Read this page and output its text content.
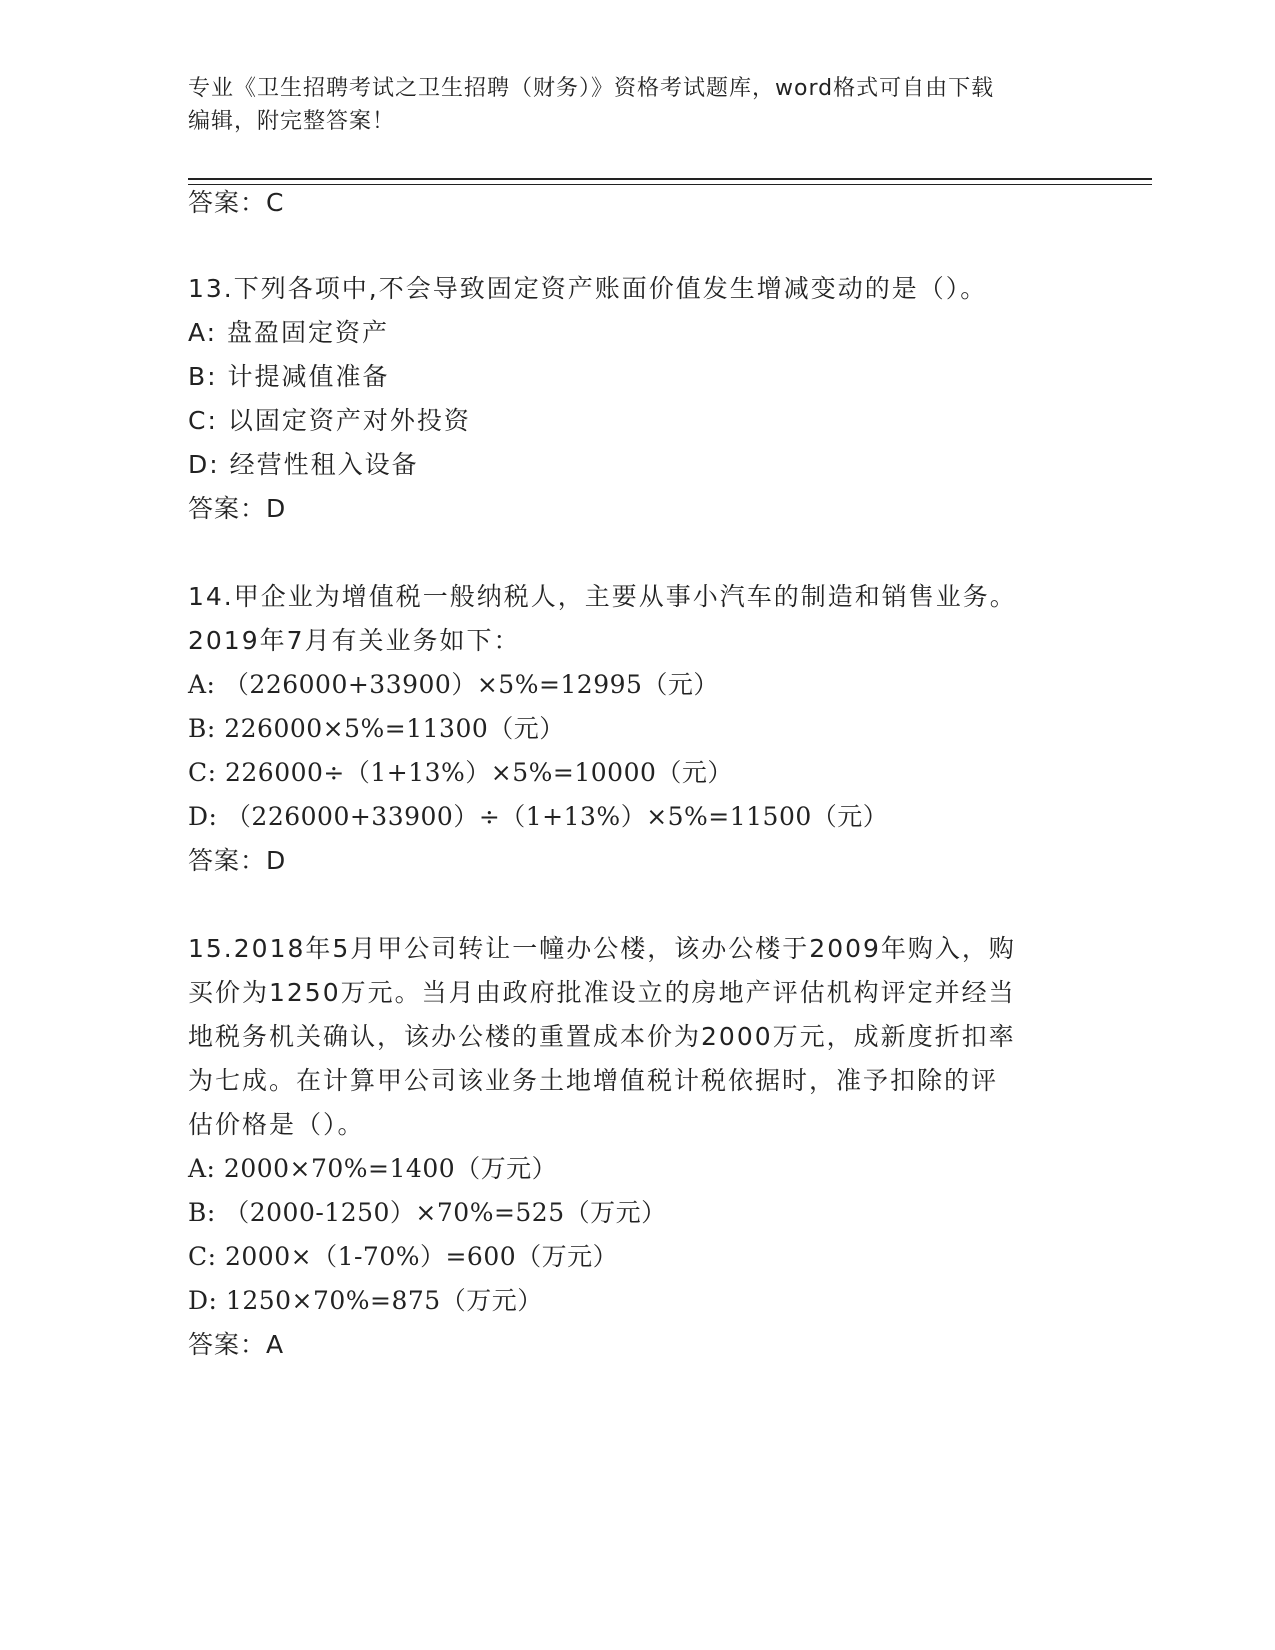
专业《卫生招聘考试之卫生招聘（财务）》资格考试题库，word格式可自由下载
编辑，附完整答案！
答案：C
13.下列各项中,不会导致固定资产账面价值发生增减变动的是（）。
A: 盘盈固定资产
B: 计提减值准备
C: 以固定资产对外投资
D: 经营性租入设备
答案：D
14.甲企业为增值税一般纳税人，主要从事小汽车的制造和销售业务。
2019年7月有关业务如下：
A: （226000+33900）×5%=12995（元）
B: 226000×5%=11300（元）
C: 226000÷（1+13%）×5%=10000（元）
D: （226000+33900）÷（1+13%）×5%=11500（元）
答案：D
15.2018年5月甲公司转让一幢办公楼，该办公楼于2009年购入，购
买价为1250万元。当月由政府批准设立的房地产评估机构评定并经当
地税务机关确认，该办公楼的重置成本价为2000万元，成新度折扣率
为七成。在计算甲公司该业务土地增值税计税依据时，准予扣除的评
估价格是（）。
A: 2000×70%=1400（万元）
B: （2000-1250）×70%=525（万元）
C: 2000×（1-70%）=600（万元）
D: 1250×70%=875（万元）
答案：A
